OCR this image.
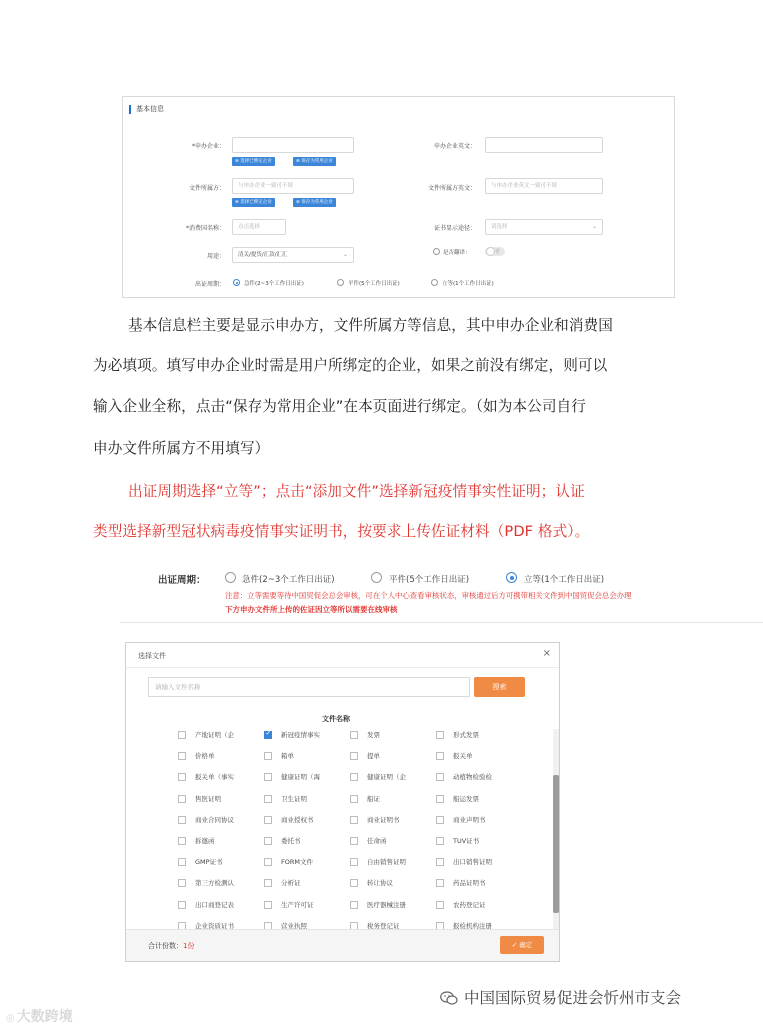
基本信息
*申办企业：
⊕ 选择已绑定企业	⊕ 保存为常用企业
申办企业英文：
文件所属方：	与申办企业一致可不填
⊕ 选择已绑定企业	⊕ 保存为常用企业
文件所属方英文：	与申办企业英文一致可不填
*消费国名称：	点击选择	证书显示途径：	请选择	⌄
用途：	清关/提货/汇款/汇汇	⌄	是否翻译：	否
出证周期：	急件(2~3个工作日出证)	平件(5个工作日出证)	立等(1个工作日出证)
基本信息栏主要是显示申办方，文件所属方等信息，其中申办企业和消费国
为必填项。填写申办企业时需是用户所绑定的企业，如果之前没有绑定，则可以
输入企业全称，点击“保存为常用企业”在本页面进行绑定。（如为本公司自行
申办文件所属方不用填写）
出证周期选择“立等”；点击“添加文件”选择新冠疫情事实性证明；认证
类型选择新型冠状病毒疫情事实证明书，按要求上传佐证材料（PDF 格式）。
出证周期：	急件(2~3个工作日出证)	平件(5个工作日出证)	立等(1个工作日出证)
注意：立等需要等待中国贸促会总会审核，可在个人中心查看审核状态，审核通过后方可携带相关文件到中国贸促会总会办理
下方申办文件所上传的佐证因立等所以需要在线审核
选择文件	×
请输入文件名称	搜索
文件名称
产地证明（企
✓	新冠疫情事实	发票	形式发票
价格单	箱单	提单	报关单
报关单（事实	健康证明（海	健康证明（企	动植物检验检
售医证明	卫生证明	船证	船运发票
商业合同协议	商业授权书	商业证明书	商业声明书
拆邀函	委托书	任命函	TUV证书
GMP证书	FORM文件	自由销售证明	出口销售证明
第三方检测认	分析证	转让协议	药品证明书
出口商登记表	生产许可证	医疗器械注册	农药登记证
企业资质证书	营业执照	税务登记证	报检机构注册
合计份数：1份	✓ 确定
◎ 大数跨境
中国国际贸易促进会忻州市支会
